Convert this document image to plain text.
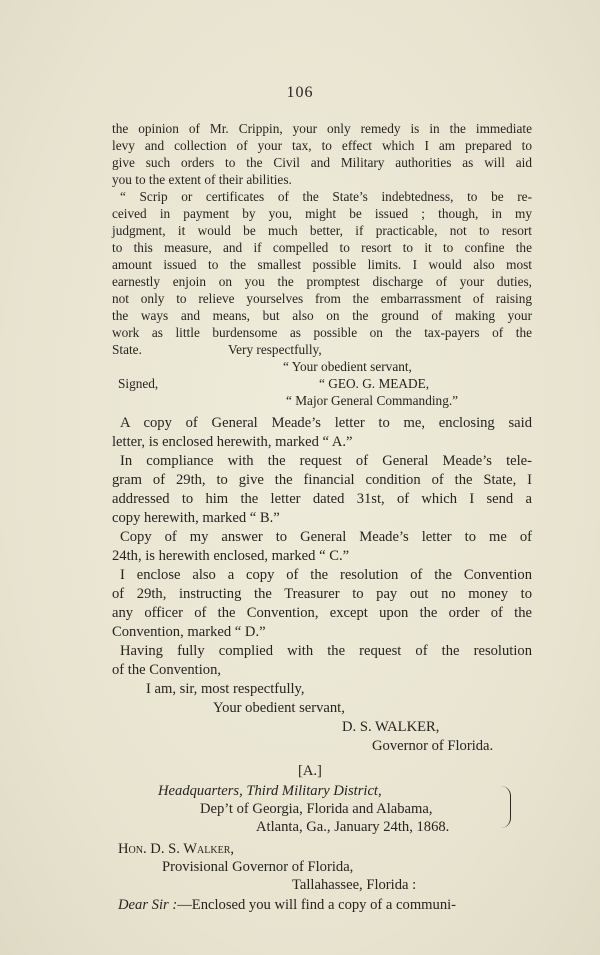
106
the opinion of Mr. Crippin, your only remedy is in the immediate
levy and collection of your tax, to effect which I am prepared to
give such orders to the Civil and Military authorities as will aid
you to the extent of their abilities.
“ Scrip or certificates of the State’s indebtedness, to be re-
ceived in payment by you, might be issued ; though, in my
judgment, it would be much better, if practicable, not to resort
to this measure, and if compelled to resort to it to confine the
amount issued to the smallest possible limits. I would also most
earnestly enjoin on you the promptest discharge of your duties,
not only to relieve yourselves from the embarrassment of raising
the ways and means, but also on the ground of making your
work as little burdensome as possible on the tax-payers of the
State.	Very respectfully,
“ Your obedient servant,
Signed,	“ GEO. G. MEADE,
“ Major General Commanding.”
A copy of General Meade’s letter to me, enclosing said
letter, is enclosed herewith, marked “ A.”
In compliance with the request of General Meade’s tele-
gram of 29th, to give the financial condition of the State, I
addressed to him the letter dated 31st, of which I send a
copy herewith, marked “ B.”
Copy of my answer to General Meade’s letter to me of
24th, is herewith enclosed, marked “ C.”
I enclose also a copy of the resolution of the Convention
of 29th, instructing the Treasurer to pay out no money to
any officer of the Convention, except upon the order of the
Convention, marked “ D.”
Having fully complied with the request of the resolution
of the Convention,
I am, sir, most respectfully,
Your obedient servant,
D. S. WALKER,
Governor of Florida.
[A.]
Headquarters, Third Military District,
Dep’t of Georgia, Florida and Alabama,
Atlanta, Ga., January 24th, 1868.
Hon. D. S. Walker,
Provisional Governor of Florida,
Tallahassee, Florida :
Dear Sir :—Enclosed you will find a copy of a communi-
